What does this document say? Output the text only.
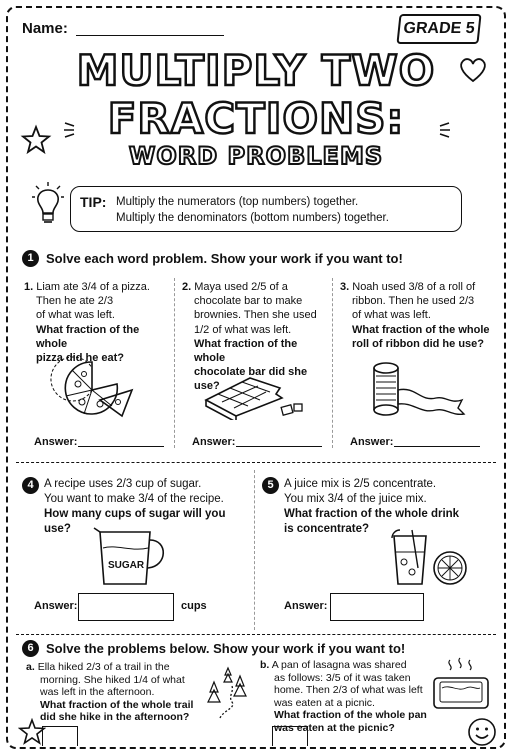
Name:	GRADE 5
MULTIPLY TWO
FRACTIONS:
WORD PROBLEMS
TIP: Multiply the numerators (top numbers) together.
Multiply the denominators (bottom numbers) together.
1 Solve each word problem. Show your work if you want to!
1. Liam ate 3/4 of a pizza.
Then he ate 2/3
of what was left.
What fraction of the whole
pizza did he eat?
Answer:
2. Maya used 2/5 of a
chocolate bar to make
brownies. Then she used
1/2 of what was left.
What fraction of the whole
chocolate bar did she use?
Answer:
3. Noah used 3/8 of a roll of
ribbon. Then he used 2/3
of what was left.
What fraction of the whole
roll of ribbon did he use?
Answer:
4 A recipe uses 2/3 cup of sugar.
You want to make 3/4 of the recipe.
How many cups of sugar will you use?
SUGAR
Answer:	cups
5 A juice mix is 2/5 concentrate.
You mix 3/4 of the juice mix.
What fraction of the whole drink
is concentrate?
Answer:
6 Solve the problems below. Show your work if you want to!
a. Ella hiked 2/3 of a trail in the
morning. She hiked 1/4 of what
was left in the afternoon.
What fraction of the whole trail
did she hike in the afternoon?
b. A pan of lasagna was shared
as follows: 3/5 of it was taken
home. Then 2/3 of what was left
was eaten at a picnic.
What fraction of the whole pan
was eaten at the picnic?
